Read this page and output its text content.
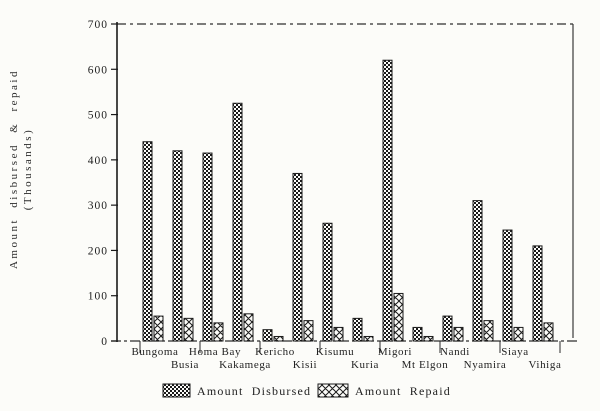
Amount disbursed & repaid (Thousands)
0
100
200
300
400
500
600
700
Bungoma
Busia
Homa Bay
Kakamega
Kericho
Kisii
Kisumu
Kuria
Migori
Mt Elgon
Nandi
Nyamira
Siaya
Vihiga
Amount Disbursed	Amount Repaid
